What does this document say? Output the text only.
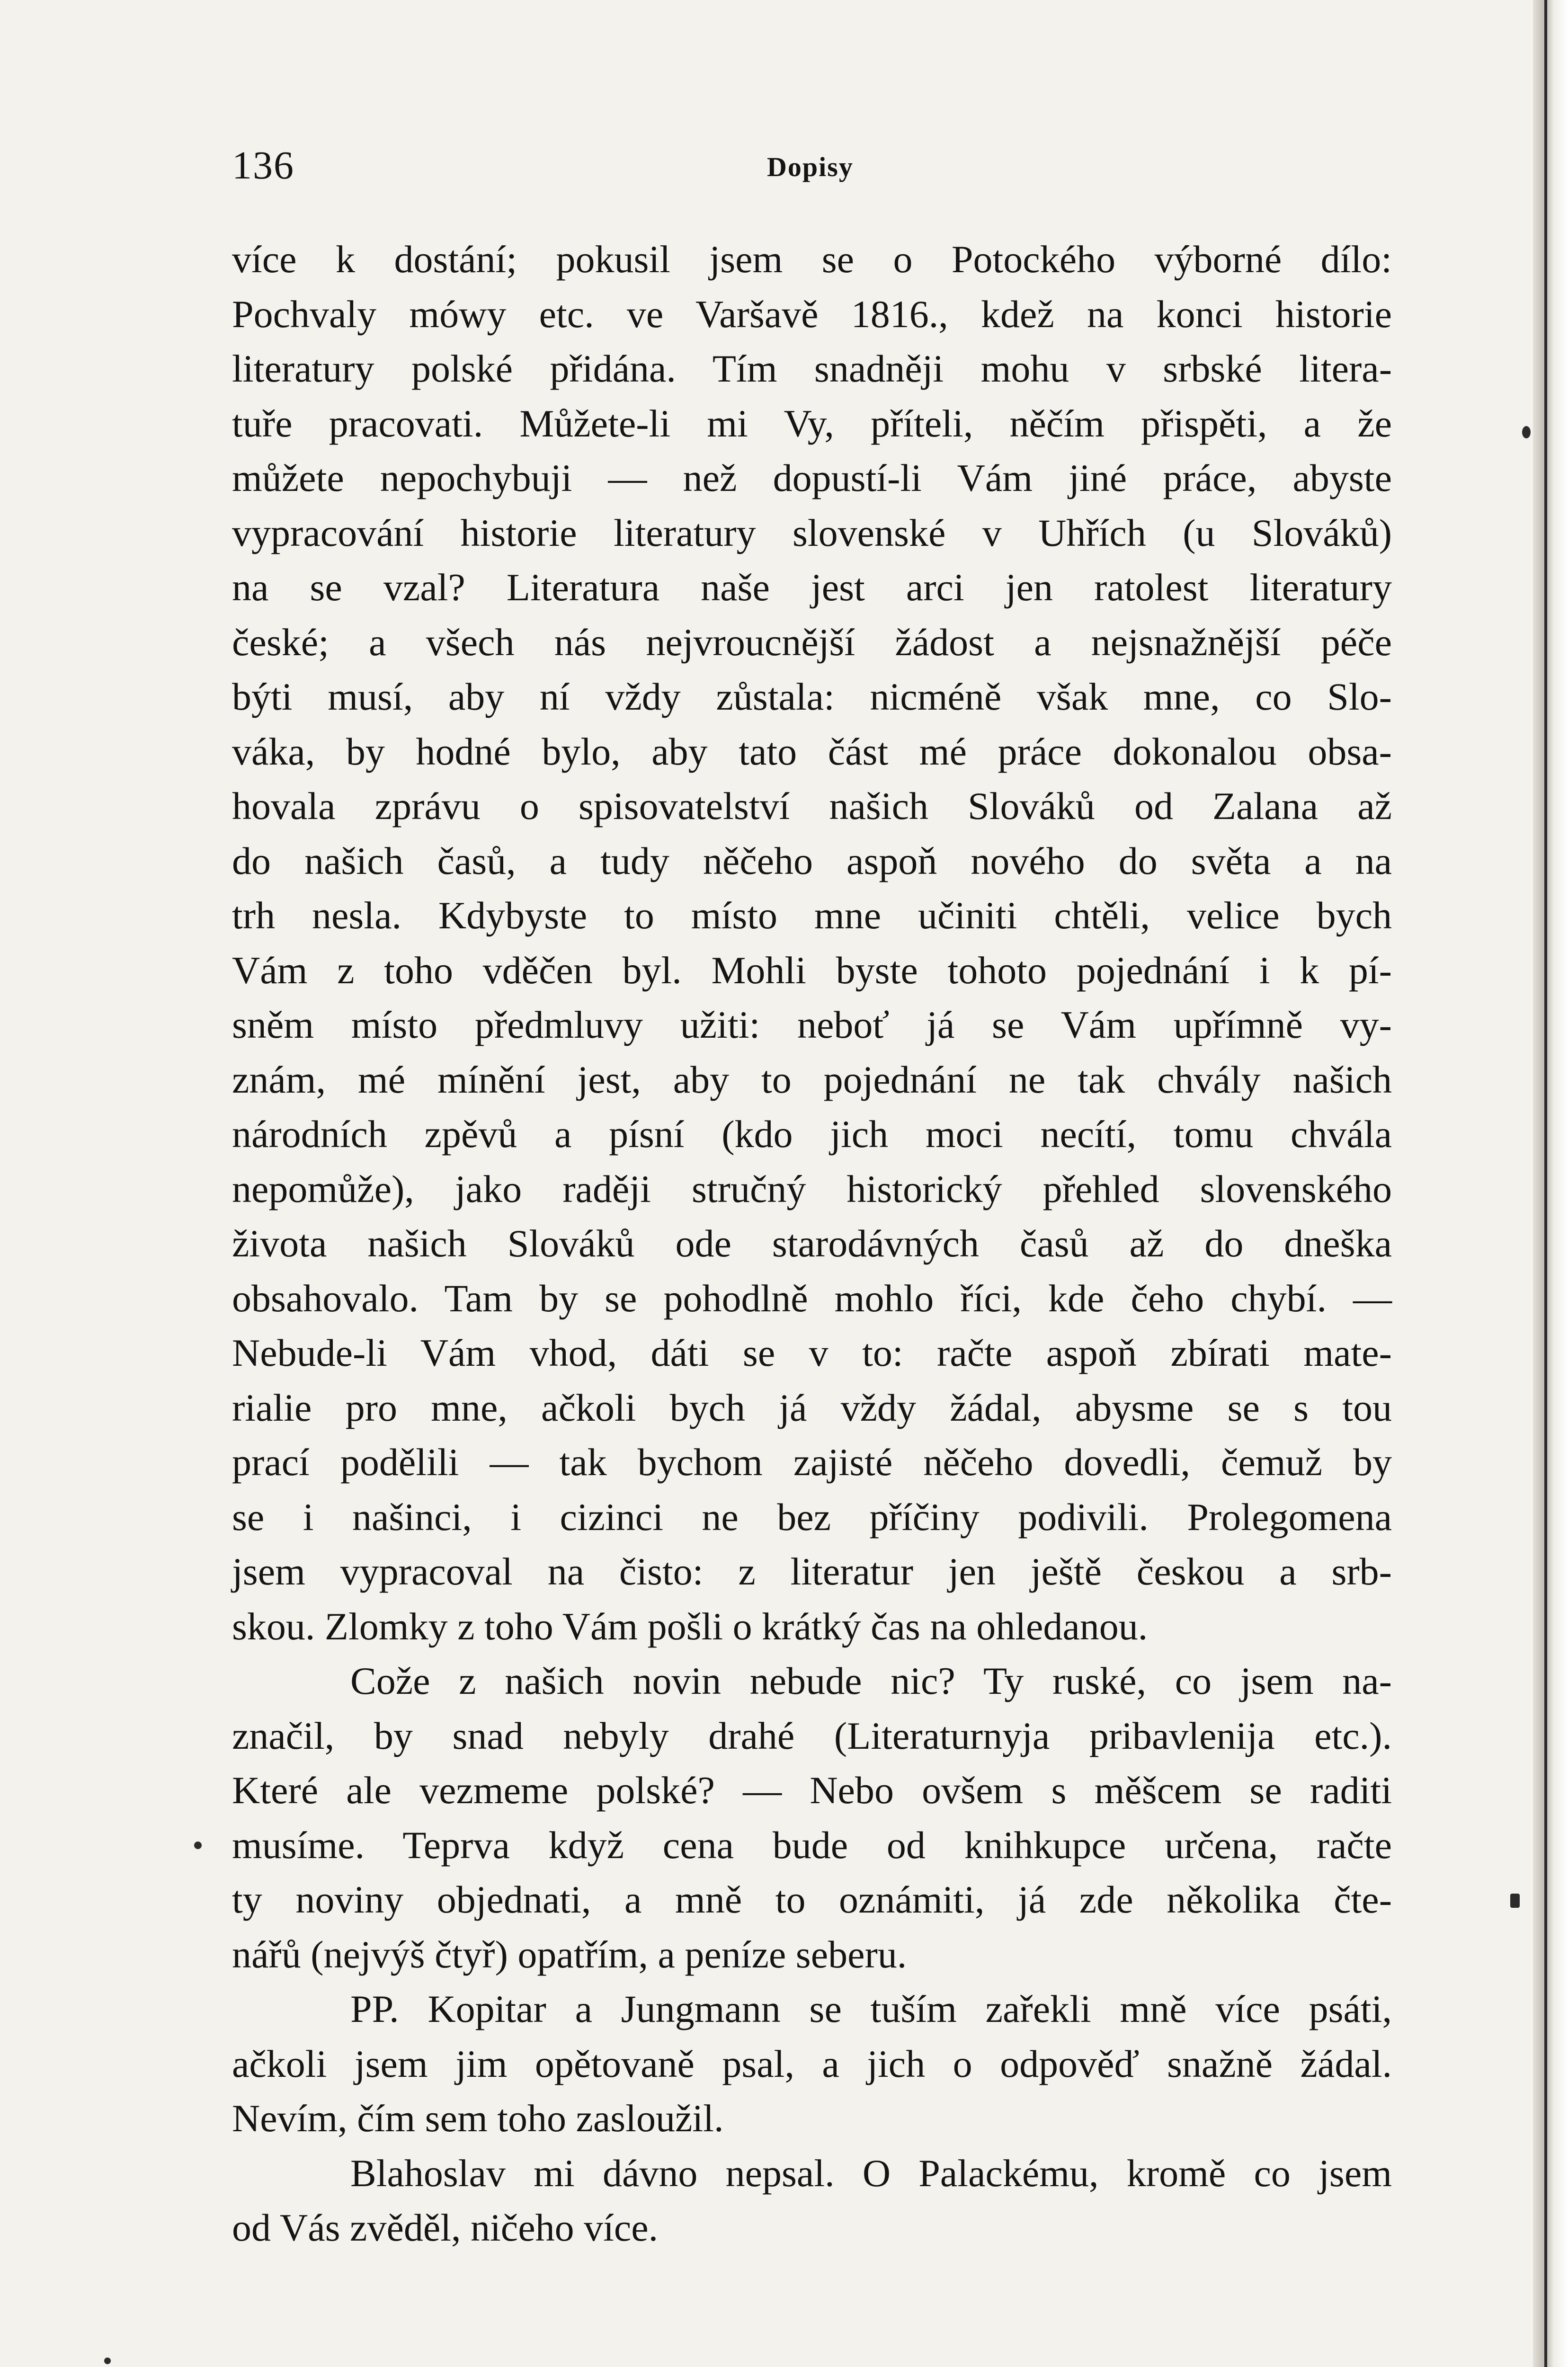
136	Dopisy
více k dostání; pokusil jsem se o Potockého výborné dílo:
Pochvaly mówy etc. ve Varšavě 1816., kdež na konci historie
literatury polské přidána. Tím snadněji mohu v srbské litera-
tuře pracovati. Můžete-li mi Vy, příteli, něčím přispěti, a že
můžete nepochybuji — než dopustí-li Vám jiné práce, abyste
vypracování historie literatury slovenské v Uhřích (u Slováků)
na se vzal? Literatura naše jest arci jen ratolest literatury
české; a všech nás nejvroucnější žádost a nejsnažnější péče
býti musí, aby ní vždy zůstala: nicméně však mne, co Slo-
váka, by hodné bylo, aby tato část mé práce dokonalou obsa-
hovala zprávu o spisovatelství našich Slováků od Zalana až
do našich časů, a tudy něčeho aspoň nového do světa a na
trh nesla. Kdybyste to místo mne učiniti chtěli, velice bych
Vám z toho vděčen byl. Mohli byste tohoto pojednání i k pí-
sněm místo předmluvy užiti: neboť já se Vám upřímně vy-
znám, mé mínění jest, aby to pojednání ne tak chvály našich
národních zpěvů a písní (kdo jich moci necítí, tomu chvála
nepomůže), jako raději stručný historický přehled slovenského
života našich Slováků ode starodávných časů až do dneška
obsahovalo. Tam by se pohodlně mohlo říci, kde čeho chybí. —
Nebude-li Vám vhod, dáti se v to: račte aspoň zbírati mate-
rialie pro mne, ačkoli bych já vždy žádal, abysme se s tou
prací podělili — tak bychom zajisté něčeho dovedli, čemuž by
se i našinci, i cizinci ne bez příčiny podivili. Prolegomena
jsem vypracoval na čisto: z literatur jen ještě českou a srb-
skou. Zlomky z toho Vám pošli o krátký čas na ohledanou.
Cože z našich novin nebude nic? Ty ruské, co jsem na-
značil, by snad nebyly drahé (Literaturnyja pribavlenija etc.).
Které ale vezmeme polské? — Nebo ovšem s měšcem se raditi
musíme. Teprva když cena bude od knihkupce určena, račte
ty noviny objednati, a mně to oznámiti, já zde několika čte-
nářů (nejvýš čtyř) opatřím, a peníze seberu.
PP. Kopitar a Jungmann se tuším zařekli mně více psáti,
ačkoli jsem jim opětovaně psal, a jich o odpověď snažně žádal.
Nevím, čím sem toho zasloužil.
Blahoslav mi dávno nepsal. O Palackému, kromě co jsem
od Vás zvěděl, ničeho více.
